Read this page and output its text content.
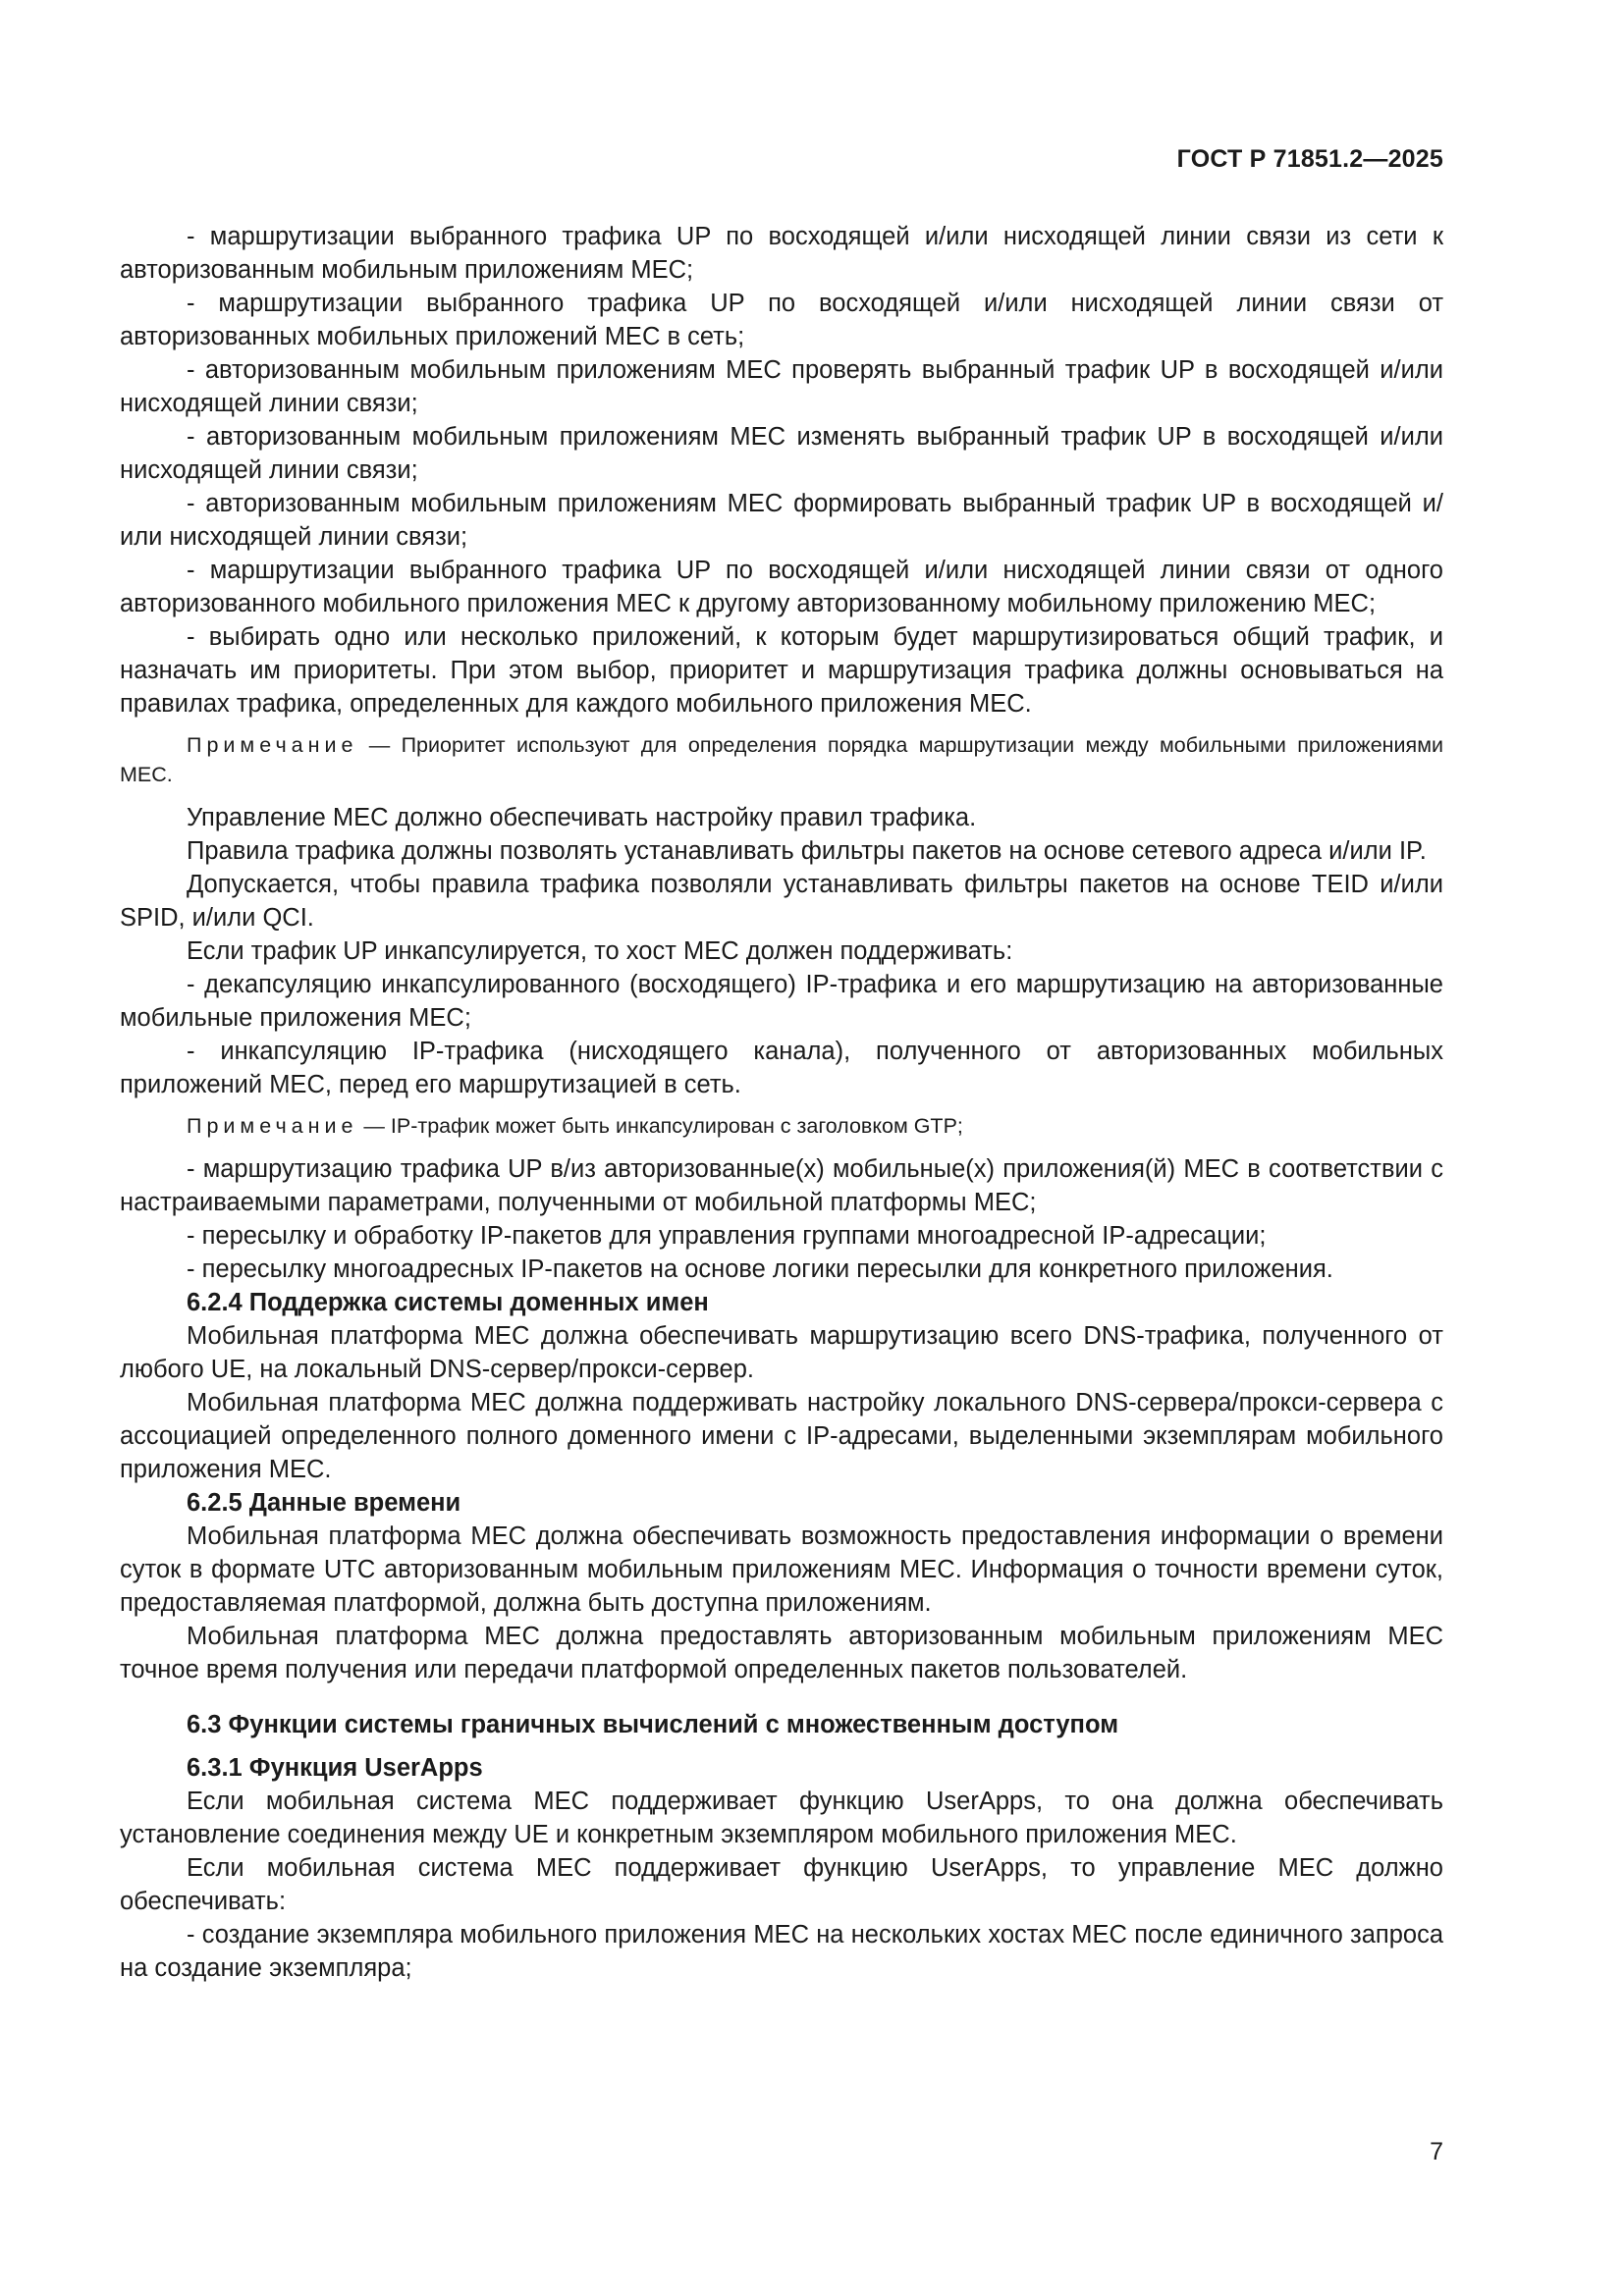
ГОСТ Р 71851.2—2025

- маршрутизации выбранного трафика UP по восходящей и/или нисходящей линии связи из сети к авторизованным мобильным приложениям МЕС;

- маршрутизации выбранного трафика UP по восходящей и/или нисходящей линии связи от авторизованных мобильных приложений МЕС в сеть;

- авторизованным мобильным приложениям МЕС проверять выбранный трафик UP в восходящей и/или нисходящей линии связи;

- авторизованным мобильным приложениям МЕС изменять выбранный трафик UP в восходящей и/или нисходящей линии связи;

- авторизованным мобильным приложениям МЕС формировать выбранный трафик UP в восходящей и/или нисходящей линии связи;

- маршрутизации выбранного трафика UP по восходящей и/или нисходящей линии связи от одного авторизованного мобильного приложения МЕС к другому авторизованному мобильному приложению МЕС;

- выбирать одно или несколько приложений, к которым будет маршрутизироваться общий трафик, и назначать им приоритеты. При этом выбор, приоритет и маршрутизация трафика должны основываться на правилах трафика, определенных для каждого мобильного приложения МЕС.

Примечание — Приоритет используют для определения порядка маршрутизации между мобильными приложениями МЕС.

Управление МЕС должно обеспечивать настройку правил трафика.

Правила трафика должны позволять устанавливать фильтры пакетов на основе сетевого адреса и/или IP.

Допускается, чтобы правила трафика позволяли устанавливать фильтры пакетов на основе TEID и/или SPID, и/или QCI.

Если трафик UP инкапсулируется, то хост МЕС должен поддерживать:

- декапсуляцию инкапсулированного (восходящего) IP-трафика и его маршрутизацию на авторизованные мобильные приложения МЕС;

- инкапсуляцию IP-трафика (нисходящего канала), полученного от авторизованных мобильных приложений МЕС, перед его маршрутизацией в сеть.

Примечание — IP-трафик может быть инкапсулирован с заголовком GTP;

- маршрутизацию трафика UP в/из авторизованные(х) мобильные(х) приложения(й) МЕС в соответствии с настраиваемыми параметрами, полученными от мобильной платформы МЕС;

- пересылку и обработку IP-пакетов для управления группами многоадресной IP-адресации;

- пересылку многоадресных IP-пакетов на основе логики пересылки для конкретного приложения.

6.2.4 Поддержка системы доменных имен

Мобильная платформа МЕС должна обеспечивать маршрутизацию всего DNS-трафика, полученного от любого UE, на локальный DNS-сервер/прокси-сервер.

Мобильная платформа МЕС должна поддерживать настройку локального DNS-сервера/прокси-сервера с ассоциацией определенного полного доменного имени с IP-адресами, выделенными экземплярам мобильного приложения МЕС.

6.2.5 Данные времени

Мобильная платформа МЕС должна обеспечивать возможность предоставления информации о времени суток в формате UTC авторизованным мобильным приложениям МЕС. Информация о точности времени суток, предоставляемая платформой, должна быть доступна приложениям.

Мобильная платформа МЕС должна предоставлять авторизованным мобильным приложениям МЕС точное время получения или передачи платформой определенных пакетов пользователей.

6.3 Функции системы граничных вычислений с множественным доступом

6.3.1 Функция UserApps

Если мобильная система МЕС поддерживает функцию UserApps, то она должна обеспечивать установление соединения между UE и конкретным экземпляром мобильного приложения МЕС.

Если мобильная система МЕС поддерживает функцию UserApps, то управление МЕС должно обеспечивать:

- создание экземпляра мобильного приложения МЕС на нескольких хостах МЕС после единичного запроса на создание экземпляра;

7
